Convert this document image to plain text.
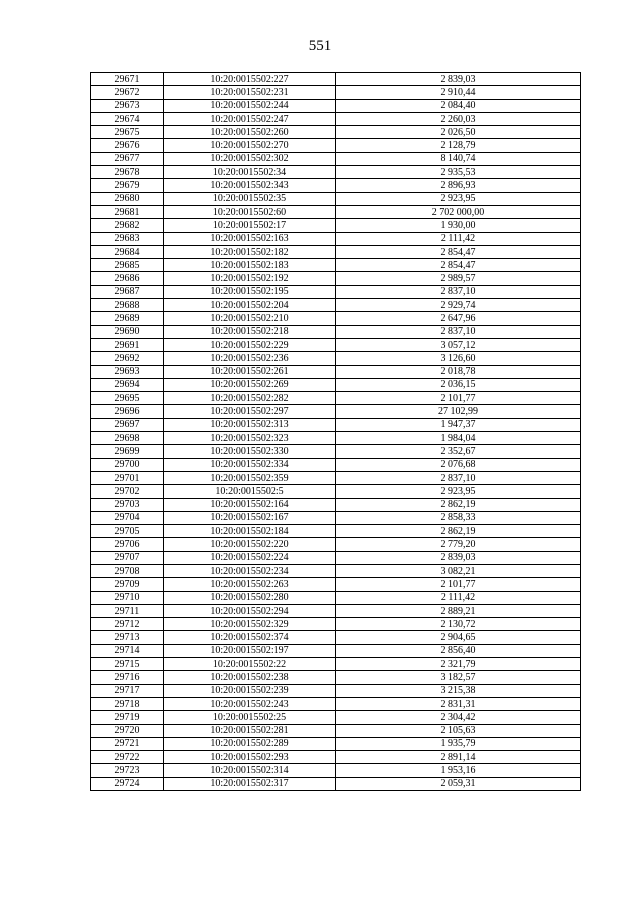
551
29671	10:20:0015502:227	2 839,03
29672	10:20:0015502:231	2 910,44
29673	10:20:0015502:244	2 084,40
29674	10:20:0015502:247	2 260,03
29675	10:20:0015502:260	2 026,50
29676	10:20:0015502:270	2 128,79
29677	10:20:0015502:302	8 140,74
29678	10:20:0015502:34	2 935,53
29679	10:20:0015502:343	2 896,93
29680	10:20:0015502:35	2 923,95
29681	10:20:0015502:60	2 702 000,00
29682	10:20:0015502:17	1 930,00
29683	10:20:0015502:163	2 111,42
29684	10:20:0015502:182	2 854,47
29685	10:20:0015502:183	2 854,47
29686	10:20:0015502:192	2 989,57
29687	10:20:0015502:195	2 837,10
29688	10:20:0015502:204	2 929,74
29689	10:20:0015502:210	2 647,96
29690	10:20:0015502:218	2 837,10
29691	10:20:0015502:229	3 057,12
29692	10:20:0015502:236	3 126,60
29693	10:20:0015502:261	2 018,78
29694	10:20:0015502:269	2 036,15
29695	10:20:0015502:282	2 101,77
29696	10:20:0015502:297	27 102,99
29697	10:20:0015502:313	1 947,37
29698	10:20:0015502:323	1 984,04
29699	10:20:0015502:330	2 352,67
29700	10:20:0015502:334	2 076,68
29701	10:20:0015502:359	2 837,10
29702	10:20:0015502:5	2 923,95
29703	10:20:0015502:164	2 862,19
29704	10:20:0015502:167	2 858,33
29705	10:20:0015502:184	2 862,19
29706	10:20:0015502:220	2 779,20
29707	10:20:0015502:224	2 839,03
29708	10:20:0015502:234	3 082,21
29709	10:20:0015502:263	2 101,77
29710	10:20:0015502:280	2 111,42
29711	10:20:0015502:294	2 889,21
29712	10:20:0015502:329	2 130,72
29713	10:20:0015502:374	2 904,65
29714	10:20:0015502:197	2 856,40
29715	10:20:0015502:22	2 321,79
29716	10:20:0015502:238	3 182,57
29717	10:20:0015502:239	3 215,38
29718	10:20:0015502:243	2 831,31
29719	10:20:0015502:25	2 304,42
29720	10:20:0015502:281	2 105,63
29721	10:20:0015502:289	1 935,79
29722	10:20:0015502:293	2 891,14
29723	10:20:0015502:314	1 953,16
29724	10:20:0015502:317	2 059,31
